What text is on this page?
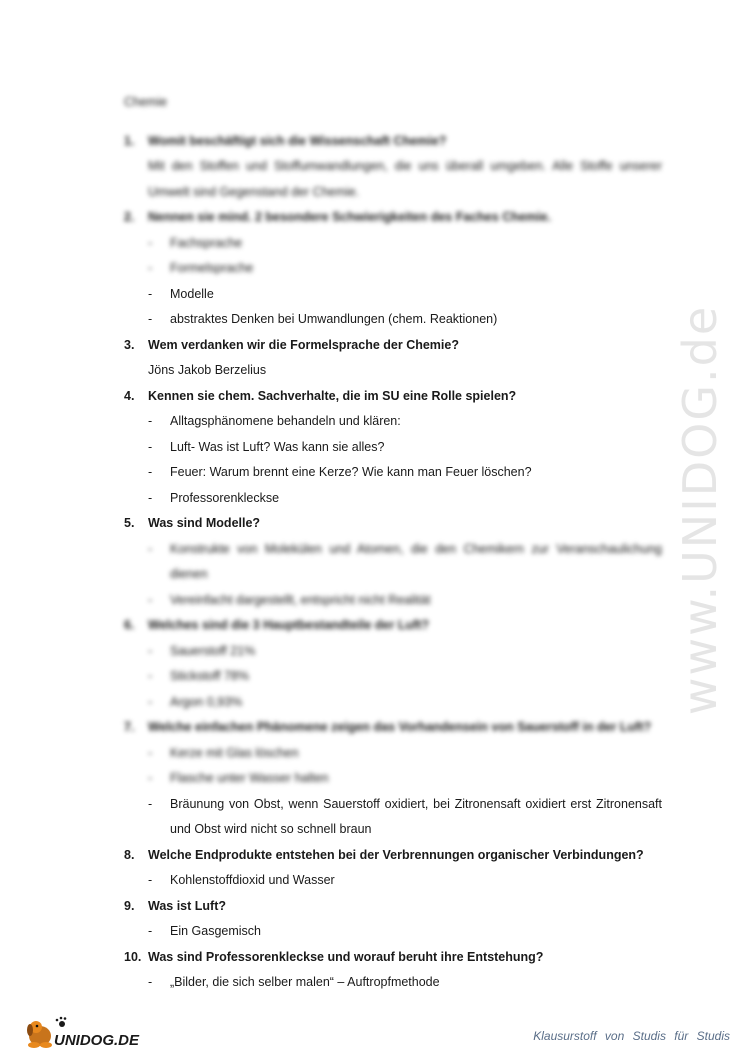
www.UNIDOG.de
Chemie
1.	Womit beschäftigt sich die Wissenschaft Chemie?
Mit den Stoffen und Stoffumwandlungen, die uns überall umgeben. Alle Stoffe unserer Umwelt sind Gegenstand der Chemie.
2.	Nennen sie mind. 2 besondere Schwierigkeiten des Faches Chemie.
-	Fachsprache
-	Formelsprache
-	Modelle
-	abstraktes Denken bei Umwandlungen (chem. Reaktionen)
3.	Wem verdanken wir die Formelsprache der Chemie?
Jöns Jakob Berzelius
4.	Kennen sie chem. Sachverhalte, die im SU eine Rolle spielen?
-	Alltagsphänomene behandeln und klären:
-	Luft- Was ist Luft? Was kann sie alles?
-	Feuer: Warum brennt eine Kerze? Wie kann man Feuer löschen?
-	Professorenkleckse
5.	Was sind Modelle?
-	Konstrukte von Molekülen und Atomen, die den Chemikern zur Veranschaulichung dienen
-	Vereinfacht dargestellt, entspricht nicht Realität
6.	Welches sind die 3 Hauptbestandteile der Luft?
-	Sauerstoff 21%
-	Stickstoff 78%
-	Argon 0,93%
7.	Welche einfachen Phänomene zeigen das Vorhandensein von Sauerstoff in der Luft?
-	Kerze mit Glas löschen
-	Flasche unter Wasser halten
-	Bräunung von Obst, wenn Sauerstoff oxidiert, bei Zitronensaft oxidiert erst Zitronensaft und Obst wird nicht so schnell braun
8.	Welche Endprodukte entstehen bei der Verbrennungen organischer Verbindungen?
-	Kohlenstoffdioxid und Wasser
9.	Was ist Luft?
-	Ein Gasgemisch
10. Was sind Professorenkleckse und worauf beruht ihre Entstehung?
-	„Bilder, die sich selber malen“ – Auftropfmethode
UNIDOG.DE	Klausurstoff von Studis für Studis
